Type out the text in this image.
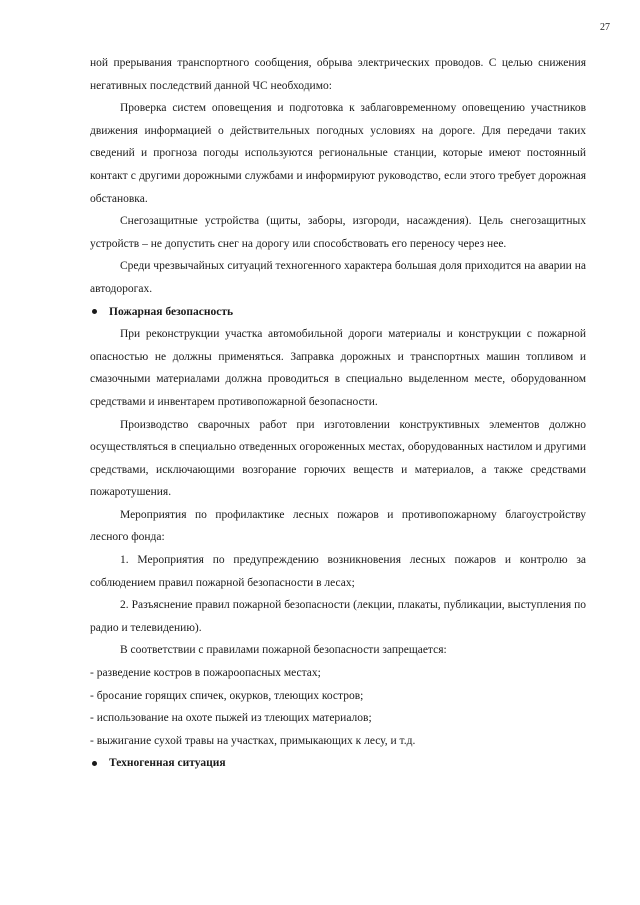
27

ной прерывания транспортного сообщения, обрыва электрических проводов. С целью снижения негативных последствий данной ЧС необходимо:

Проверка систем оповещения и подготовка к заблаговременному оповещению участников движения информацией о действительных погодных условиях на дороге. Для передачи таких сведений и прогноза погоды используются региональные станции, которые имеют постоянный контакт с другими дорожными службами и информируют руководство, если этого требует дорожная обстановка.

Снегозащитные устройства (щиты, заборы, изгороди, насаждения). Цель снегозащитных устройств – не допустить снег на дорогу или способствовать его переносу через нее.

Среди чрезвычайных ситуаций техногенного характера большая доля приходится на аварии на автодорогах.

Пожарная безопасность

При реконструкции участка автомобильной дороги материалы и конструкции с пожарной опасностью не должны применяться. Заправка дорожных и транспортных машин топливом и смазочными материалами должна проводиться в специально выделенном месте, оборудованном средствами и инвентарем противопожарной безопасности.

Производство сварочных работ при изготовлении конструктивных элементов должно осуществляться в специально отведенных огороженных местах, оборудованных настилом и другими средствами, исключающими возгорание горючих веществ и материалов, а также средствами пожаротушения.

Мероприятия по профилактике лесных пожаров и противопожарному благоустройству лесного фонда:

1. Мероприятия по предупреждению возникновения лесных пожаров и контролю за соблюдением правил пожарной безопасности в лесах;

2. Разъяснение правил пожарной безопасности (лекции, плакаты, публикации, выступления по радио и телевидению).

В соответствии с правилами пожарной безопасности запрещается:

- разведение костров в пожароопасных местах;

- бросание горящих спичек, окурков, тлеющих костров;

- использование на охоте пыжей из тлеющих материалов;

- выжигание сухой травы на участках, примыкающих к лесу, и т.д.

Техногенная ситуация
